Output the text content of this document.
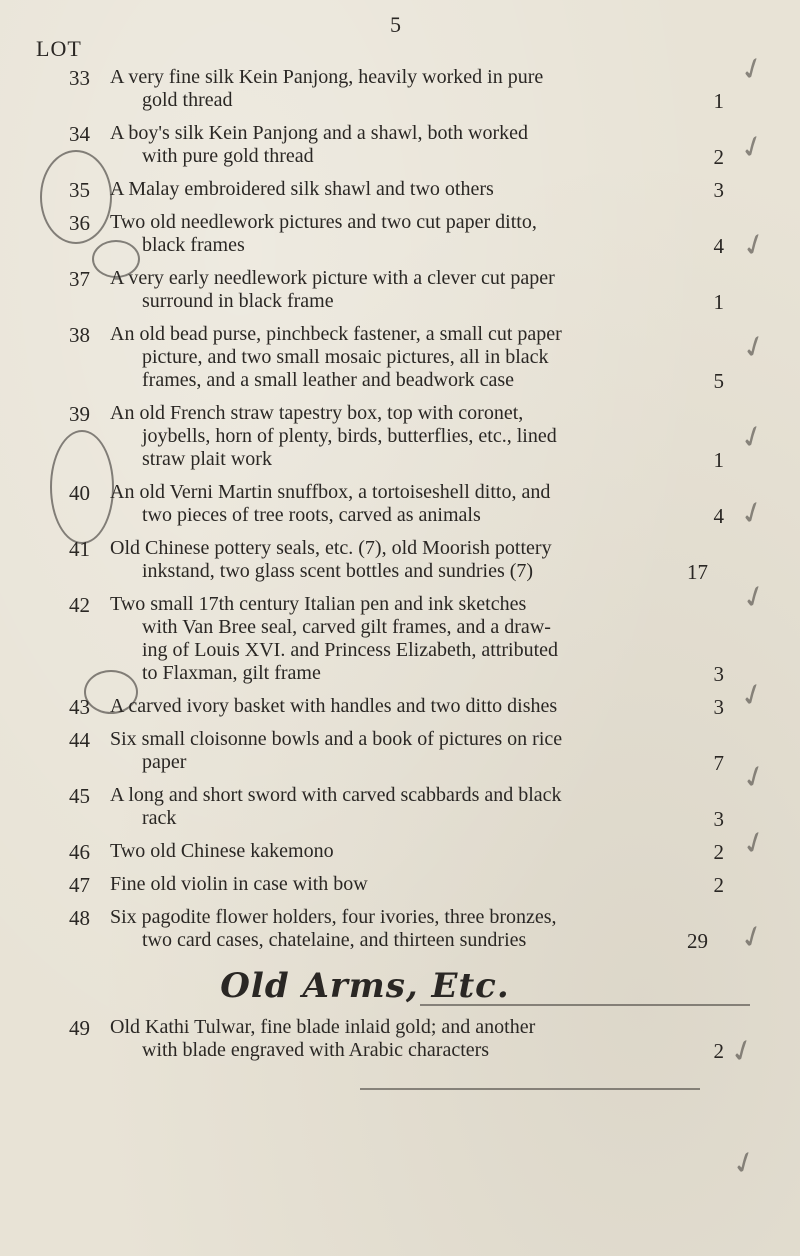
5
LOT
✓
✓
✓
✓
✓
✓
✓
✓
✓
✓
✓
✓
✓
33 A very fine silk Kein Panjong, heavily worked in pure
gold thread	1
34 A boy's silk Kein Panjong and a shawl, both worked
with pure gold thread	2
35 A Malay embroidered silk shawl and two others	3
36 Two old needlework pictures and two cut paper ditto,
black frames	4
37 A very early needlework picture with a clever cut paper
surround in black frame	1
38 An old bead purse, pinchbeck fastener, a small cut paper
picture, and two small mosaic pictures, all in black
frames, and a small leather and beadwork case	5
39 An old French straw tapestry box, top with coronet,
joybells, horn of plenty, birds, butterflies, etc., lined
straw plait work	1
40 An old Verni Martin snuffbox, a tortoiseshell ditto, and
two pieces of tree roots, carved as animals	4
41 Old Chinese pottery seals, etc. (7), old Moorish pottery
inkstand, two glass scent bottles and sundries (7)	17
42 Two small 17th century Italian pen and ink sketches
with Van Bree seal, carved gilt frames, and a draw-
ing of Louis XVI. and Princess Elizabeth, attributed
to Flaxman, gilt frame	3
43 A carved ivory basket with handles and two ditto dishes	3
44 Six small cloisonne bowls and a book of pictures on rice
paper	7
45 A long and short sword with carved scabbards and black
rack	3
46 Two old Chinese kakemono	2
47 Fine old violin in case with bow	2
Old Arms, Etc.
48 Six pagodite flower holders, four ivories, three bronzes,
two card cases, chatelaine, and thirteen sundries	29
49 Old Kathi Tulwar, fine blade inlaid gold; and another
with blade engraved with Arabic characters	2
